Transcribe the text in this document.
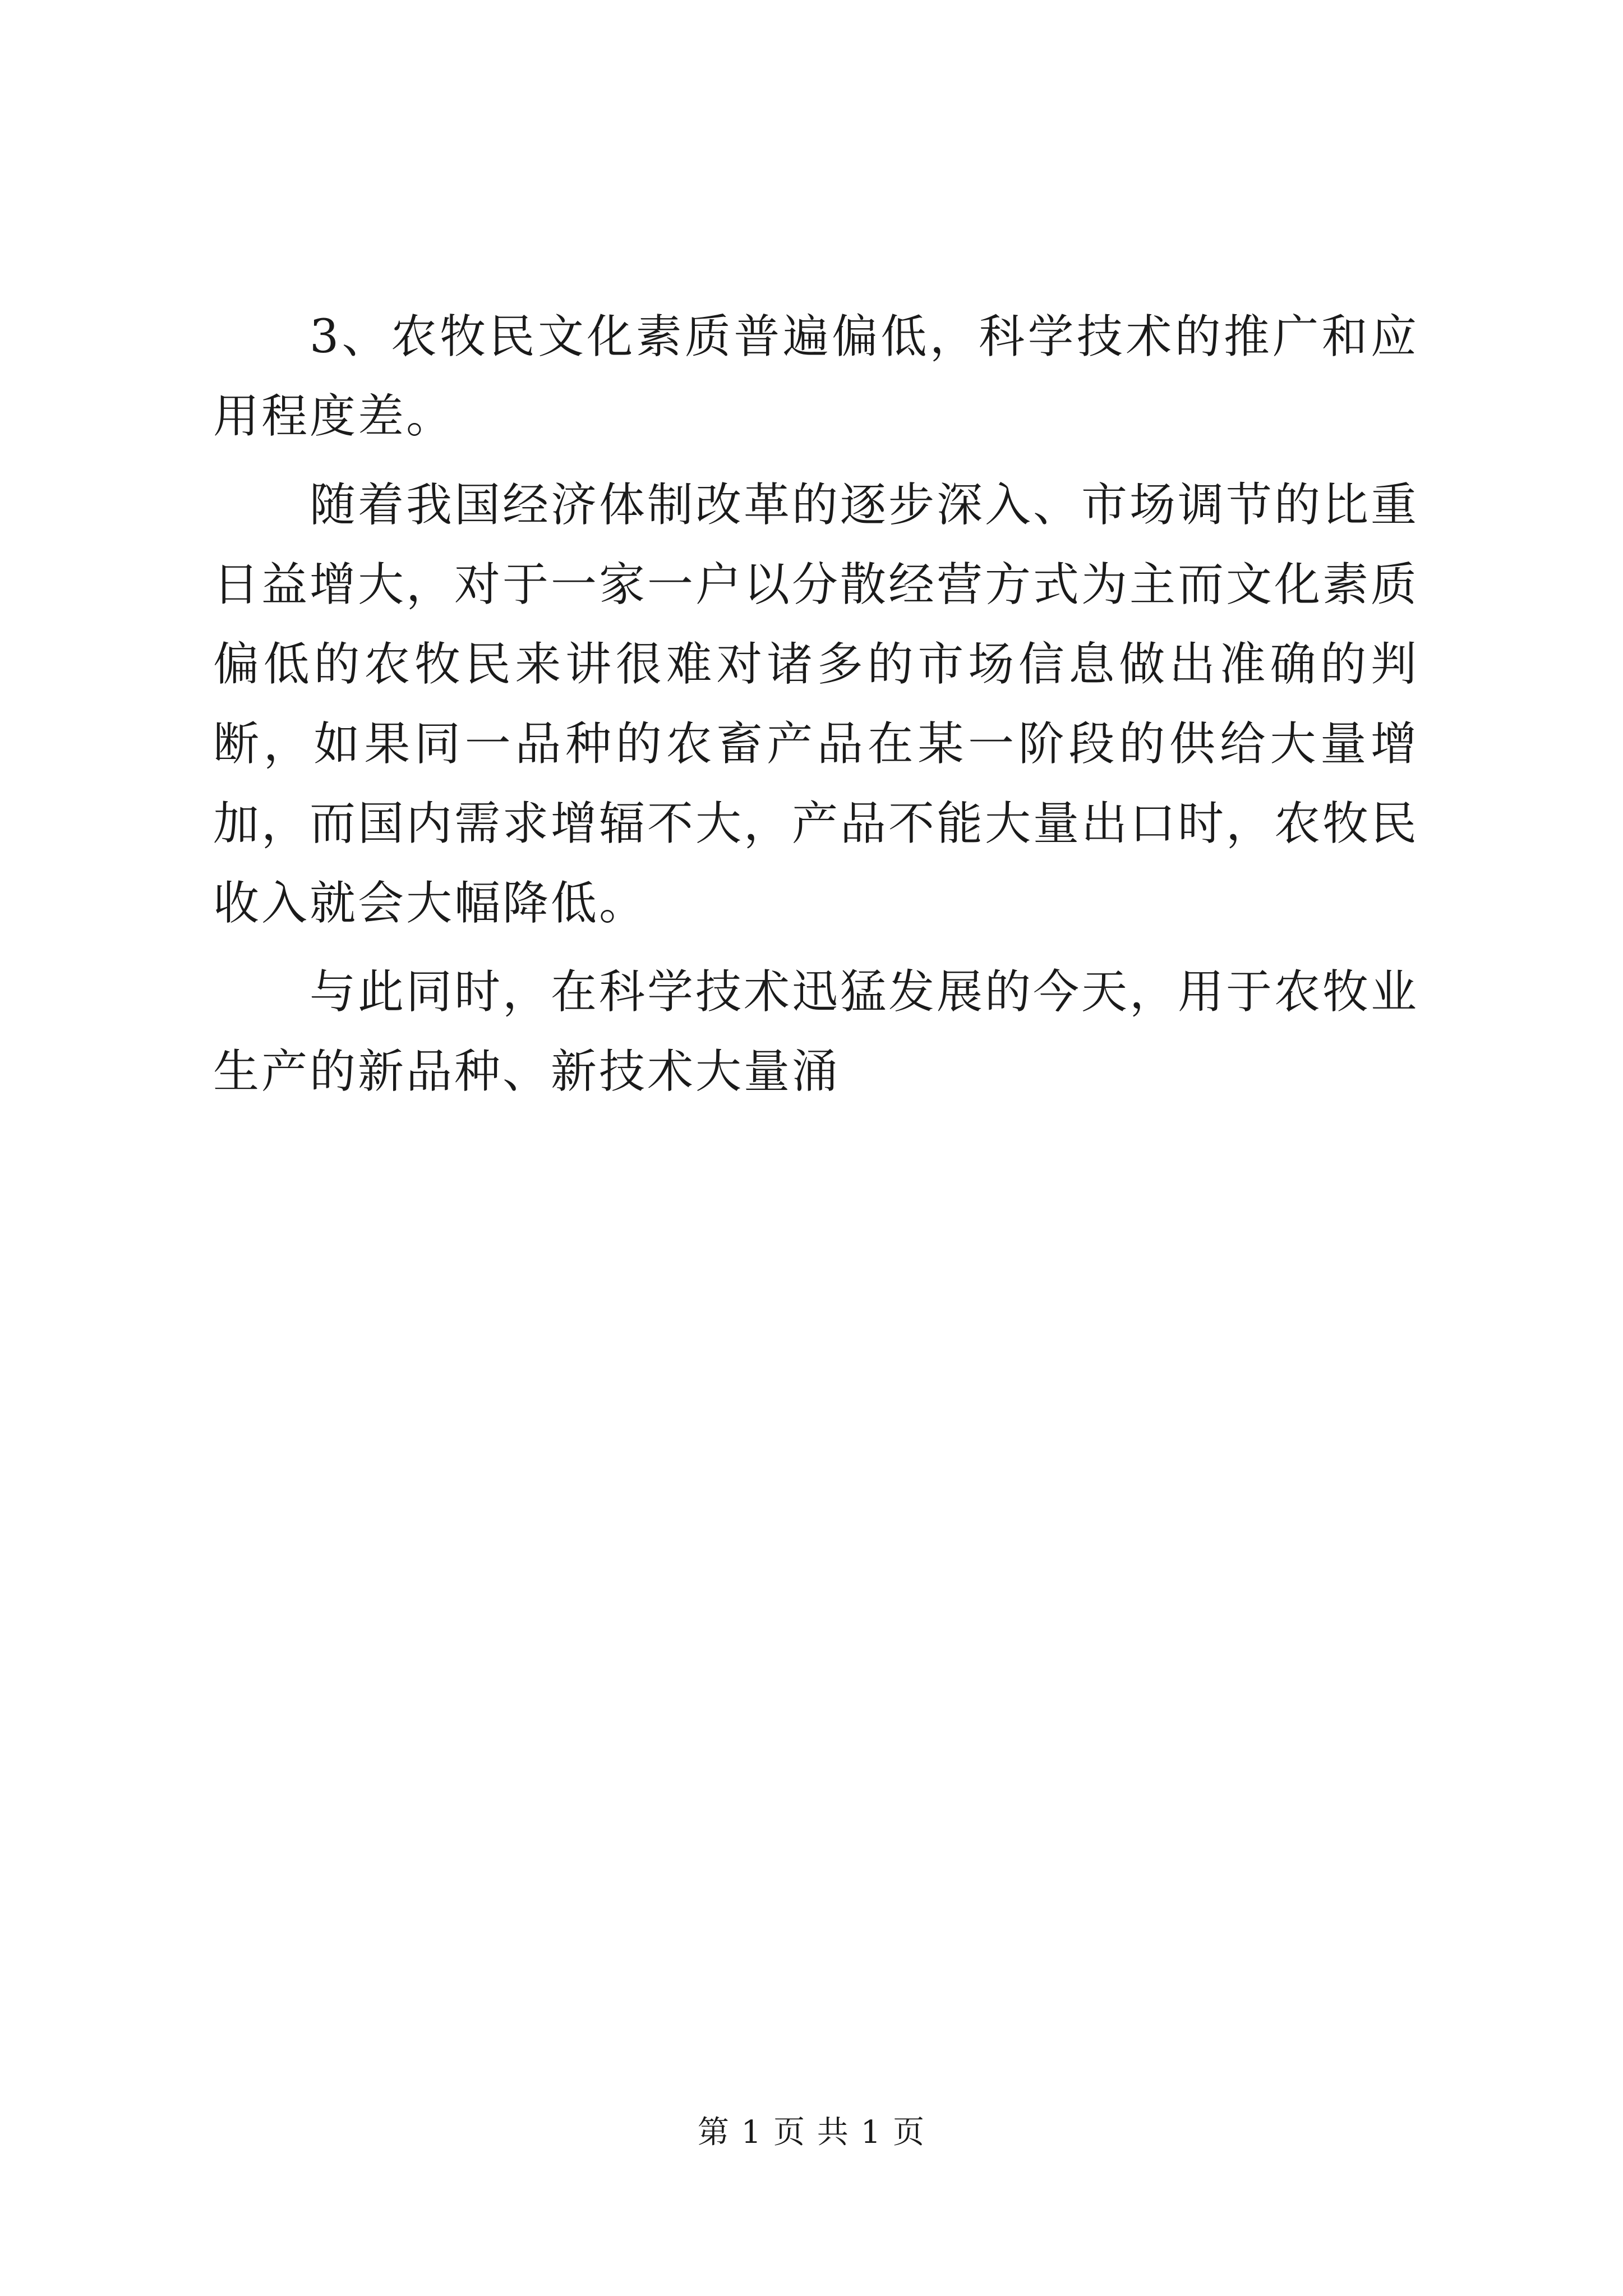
3、农牧民文化素质普遍偏低，科学技术的推广和应用程度差。

随着我国经济体制改革的逐步深入、市场调节的比重日益增大，对于一家一户以分散经营方式为主而文化素质偏低的农牧民来讲很难对诸多的市场信息做出准确的判断，如果同一品种的农畜产品在某一阶段的供给大量增加，而国内需求增辐不大，产品不能大量出口时，农牧民收入就会大幅降低。

与此同时，在科学技术迅猛发展的今天，用于农牧业生产的新品种、新技术大量涌

第 1 页 共 1 页
